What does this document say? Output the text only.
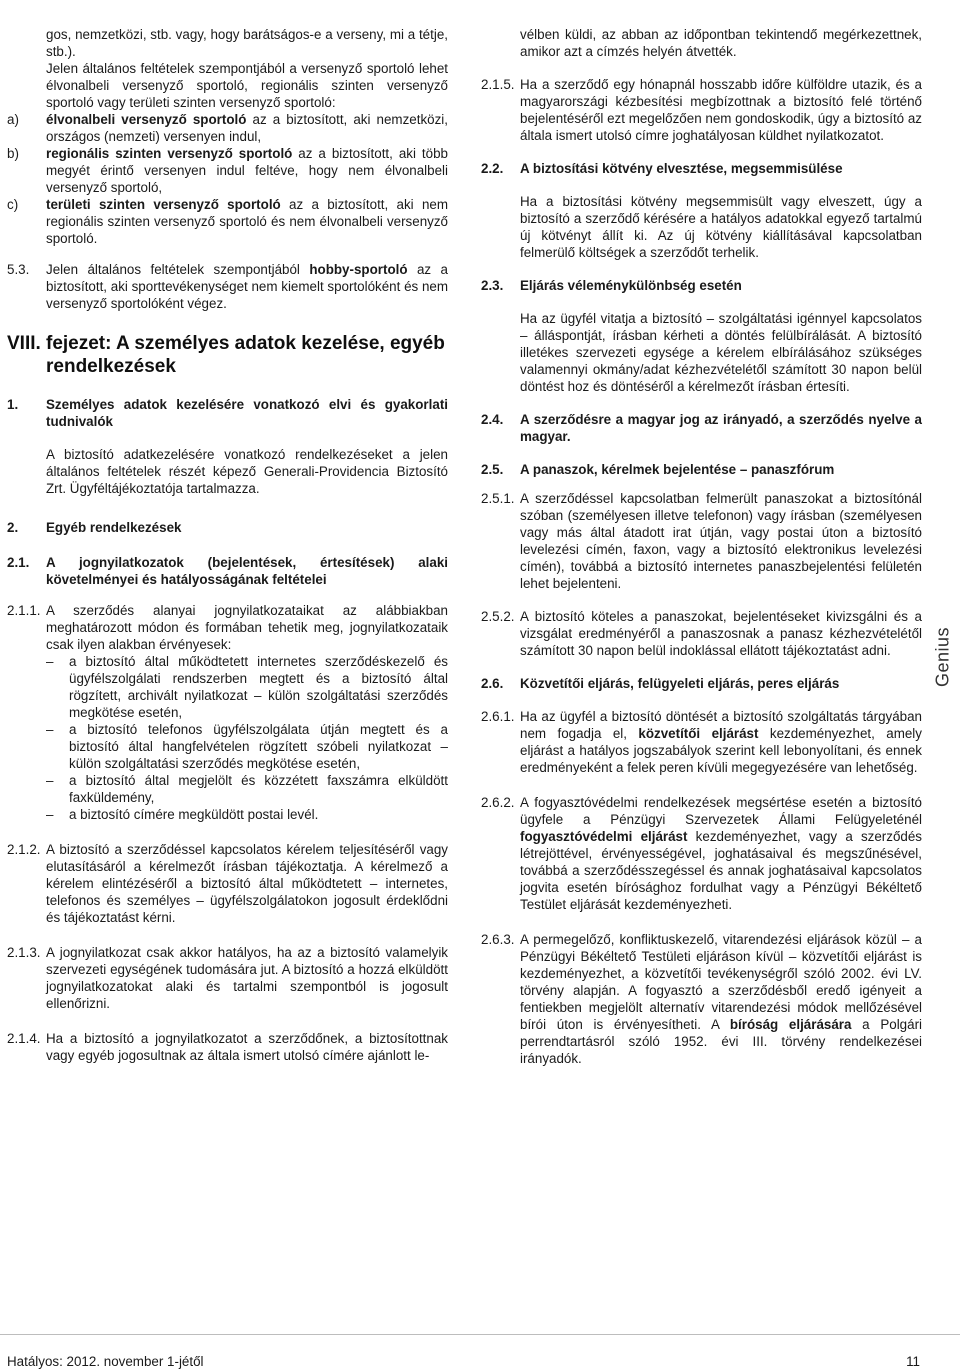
gos, nemzetközi, stb. vagy, hogy barátságos-e a verseny, mi a tétje, stb.).

Jelen általános feltételek szempontjából a versenyző sportoló lehet élvonalbeli versenyző sportoló, regionális szinten versenyző sportoló vagy területi szinten versenyző sportoló:

a) élvonalbeli versenyző sportoló az a biztosított, aki nemzetközi, országos (nemzeti) versenyen indul,

b) regionális szinten versenyző sportoló az a biztosított, aki több megyét érintő versenyen indul feltéve, hogy nem élvonalbeli versenyző sportoló,

c) területi szinten versenyző sportoló az a biztosított, aki nem regionális szinten versenyző sportoló és nem élvonalbeli versenyző sportoló.

5.3. Jelen általános feltételek szempontjából hobby-sportoló az a biztosított, aki sporttevékenységet nem kiemelt sportolóként és nem versenyző sportolóként végez.

VIII. fejezet: A személyes adatok kezelése, egyéb rendelkezések

1. Személyes adatok kezelésére vonatkozó elvi és gyakorlati tudnivalók

A biztosító adatkezelésére vonatkozó rendelkezéseket a jelen általános feltételek részét képező Generali-Providencia Biztosító Zrt. Ügyféltájékoztatója tartalmazza.

2. Egyéb rendelkezések

2.1. A jognyilatkozatok (bejelentések, értesítések) alaki követelményei és hatályosságának feltételei

2.1.1. A szerződés alanyai jognyilatkozataikat az alábbiakban meghatározott módon és formában tehetik meg, jognyilatkozataik csak ilyen alakban érvényesek:

– a biztosító által működtetett internetes szerződéskezelő és ügyfélszolgálati rendszerben megtett és a biztosító által rögzített, archivált nyilatkozat – külön szolgáltatási szerződés megkötése esetén,

– a biztosító telefonos ügyfélszolgálata útján megtett és a biztosító által hangfelvételen rögzített szóbeli nyilatkozat – külön szolgáltatási szerződés megkötése esetén,

– a biztosító által megjelölt és közzétett faxszámra elküldött faxküldemény,

– a biztosító címére megküldött postai levél.

2.1.2. A biztosító a szerződéssel kapcsolatos kérelem teljesítéséről vagy elutasításáról a kérelmezőt írásban tájékoztatja. A kérelmező a kérelem elintézéséről a biztosító által működtetett – internetes, telefonos és személyes – ügyfélszolgálatokon jogosult érdeklődni és tájékoztatást kérni.

2.1.3. A jognyilatkozat csak akkor hatályos, ha az a biztosító valamelyik szervezeti egységének tudomására jut. A biztosító a hozzá elküldött jognyilatkozatokat alaki és tartalmi szempontból is jogosult ellenőrizni.

2.1.4. Ha a biztosító a jognyilatkozatot a szerződőnek, a biztosítottnak vagy egyéb jogosultnak az általa ismert utolsó címére ajánlott le-

vélben küldi, az abban az időpontban tekintendő megérkezettnek, amikor azt a címzés helyén átvették.

2.1.5. Ha a szerződő egy hónapnál hosszabb időre külföldre utazik, és a magyarországi kézbesítési megbízottnak a biztosító felé történő bejelentéséről ezt megelőzően nem gondoskodik, úgy a biztosító az általa ismert utolsó címre joghatályosan küldhet nyilatkozatot.

2.2. A biztosítási kötvény elvesztése, megsemmisülése

Ha a biztosítási kötvény megsemmisült vagy elveszett, úgy a biztosító a szerződő kérésére a hatályos adatokkal egyező tartalmú új kötvényt állít ki. Az új kötvény kiállításával kapcsolatban felmerülő költségek a szerződőt terhelik.

2.3. Eljárás véleménykülönbség esetén

Ha az ügyfél vitatja a biztosító – szolgáltatási igénnyel kapcsolatos – álláspontját, írásban kérheti a döntés felülbírálását. A biztosító illetékes szervezeti egysége a kérelem elbírálásához szükséges valamennyi okmány/adat kézhezvételétől számított 30 napon belül döntést hoz és döntéséről a kérelmezőt írásban értesíti.

2.4. A szerződésre a magyar jog az irányadó, a szerződés nyelve a magyar.

2.5. A panaszok, kérelmek bejelentése – panaszfórum

2.5.1. A szerződéssel kapcsolatban felmerült panaszokat a biztosítónál szóban (személyesen illetve telefonon) vagy írásban (személyesen vagy más által átadott irat útján, vagy postai úton a biztosító levelezési címén, faxon, vagy a biztosító elektronikus levelezési címén), továbbá a biztosító internetes panaszbejelentési felületén lehet bejelenteni.

2.5.2. A biztosító köteles a panaszokat, bejelentéseket kivizsgálni és a vizsgálat eredményéről a panaszosnak a panasz kézhezvételétől számított 30 napon belül indoklással ellátott tájékoztatást adni.

2.6. Közvetítői eljárás, felügyeleti eljárás, peres eljárás

2.6.1. Ha az ügyfél a biztosító döntését a biztosító szolgáltatás tárgyában nem fogadja el, közvetítői eljárást kezdeményezhet, amely eljárást a hatályos jogszabályok szerint kell lebonyolítani, és ennek eredményeként a felek peren kívüli megegyezésére van lehetőség.

2.6.2. A fogyasztóvédelmi rendelkezések megsértése esetén a biztosító ügyfele a Pénzügyi Szervezetek Állami Felügyeleténél fogyasztóvédelmi eljárást kezdeményezhet, vagy a szerződés létrejöttével, érvényességével, joghatásaival és megszűnésével, továbbá a szerződésszegéssel és annak joghatásaival kapcsolatos jogvita esetén bírósághoz fordulhat vagy a Pénzügyi Békéltető Testület eljárását kezdeményezheti.

2.6.3. A permegelőző, konfliktuskezelő, vitarendezési eljárások közül – a Pénzügyi Békéltető Testületi eljáráson kívül – közvetítői eljárást is kezdeményezhet, a közvetítői tevékenységről szóló 2002. évi LV. törvény alapján. A fogyasztó a szerződésből eredő igényeit a fentiekben megjelölt alternatív vitarendezési módok mellőzésével bírói úton is érvényesítheti. A bíróság eljárására a Polgári perrendtartásról szóló 1952. évi III. törvény rendelkezései irányadók.

Genius
Hatályos: 2012. november 1-jétől	11
